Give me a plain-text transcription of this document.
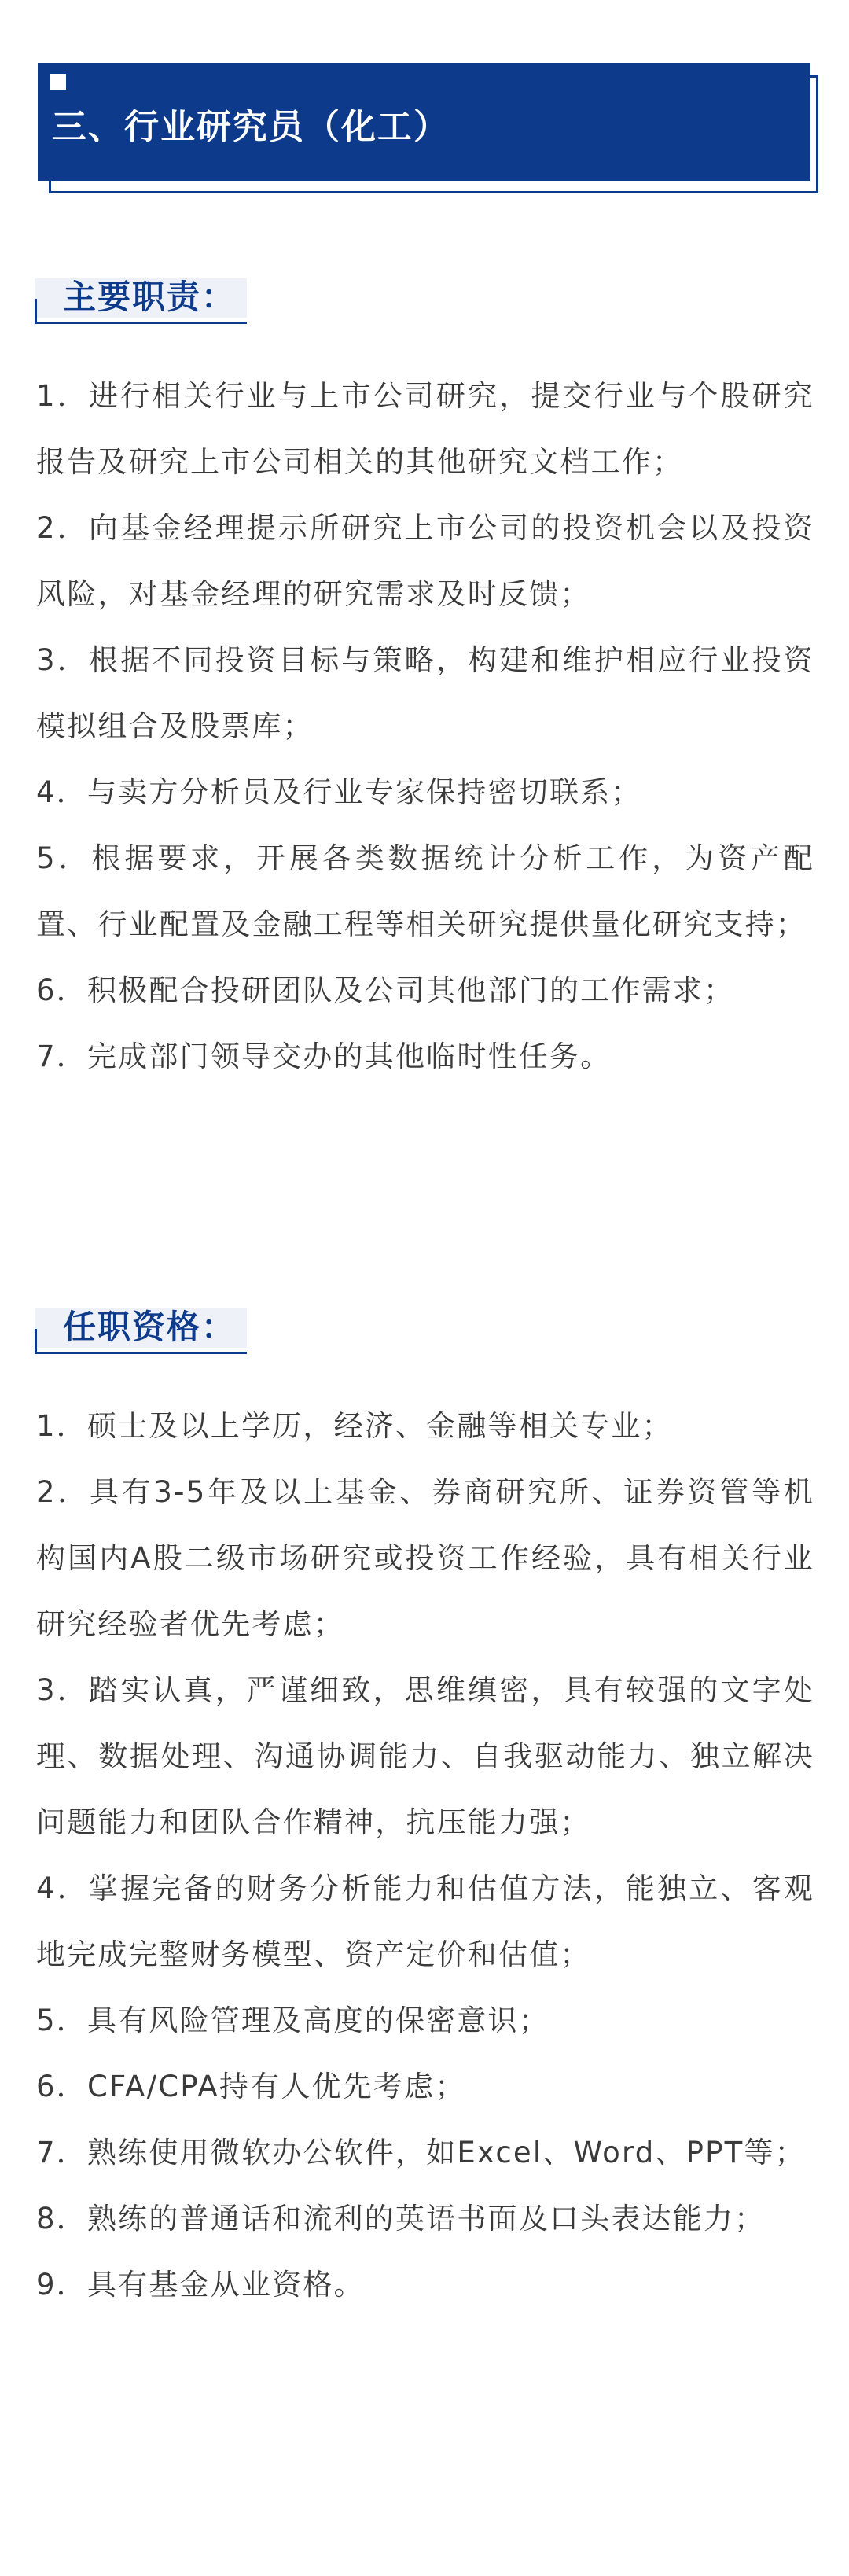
三、行业研究员（化工）
主要职责：
1．进行相关行业与上市公司研究，提交行业与个股研究报告及研究上市公司相关的其他研究文档工作；
2．向基金经理提示所研究上市公司的投资机会以及投资风险，对基金经理的研究需求及时反馈；
3．根据不同投资目标与策略，构建和维护相应行业投资模拟组合及股票库；
4．与卖方分析员及行业专家保持密切联系；
5．根据要求，开展各类数据统计分析工作，为资产配置、行业配置及金融工程等相关研究提供量化研究支持；
6．积极配合投研团队及公司其他部门的工作需求；
7．完成部门领导交办的其他临时性任务。
任职资格：
1．硕士及以上学历，经济、金融等相关专业；
2．具有3-5年及以上基金、券商研究所、证券资管等机构国内A股二级市场研究或投资工作经验，具有相关行业研究经验者优先考虑；
3．踏实认真，严谨细致，思维缜密，具有较强的文字处理、数据处理、沟通协调能力、自我驱动能力、独立解决问题能力和团队合作精神，抗压能力强；
4．掌握完备的财务分析能力和估值方法，能独立、客观地完成完整财务模型、资产定价和估值；
5．具有风险管理及高度的保密意识；
6．CFA/CPA持有人优先考虑；
7．熟练使用微软办公软件，如Excel、Word、PPT等；
8．熟练的普通话和流利的英语书面及口头表达能力；
9．具有基金从业资格。
